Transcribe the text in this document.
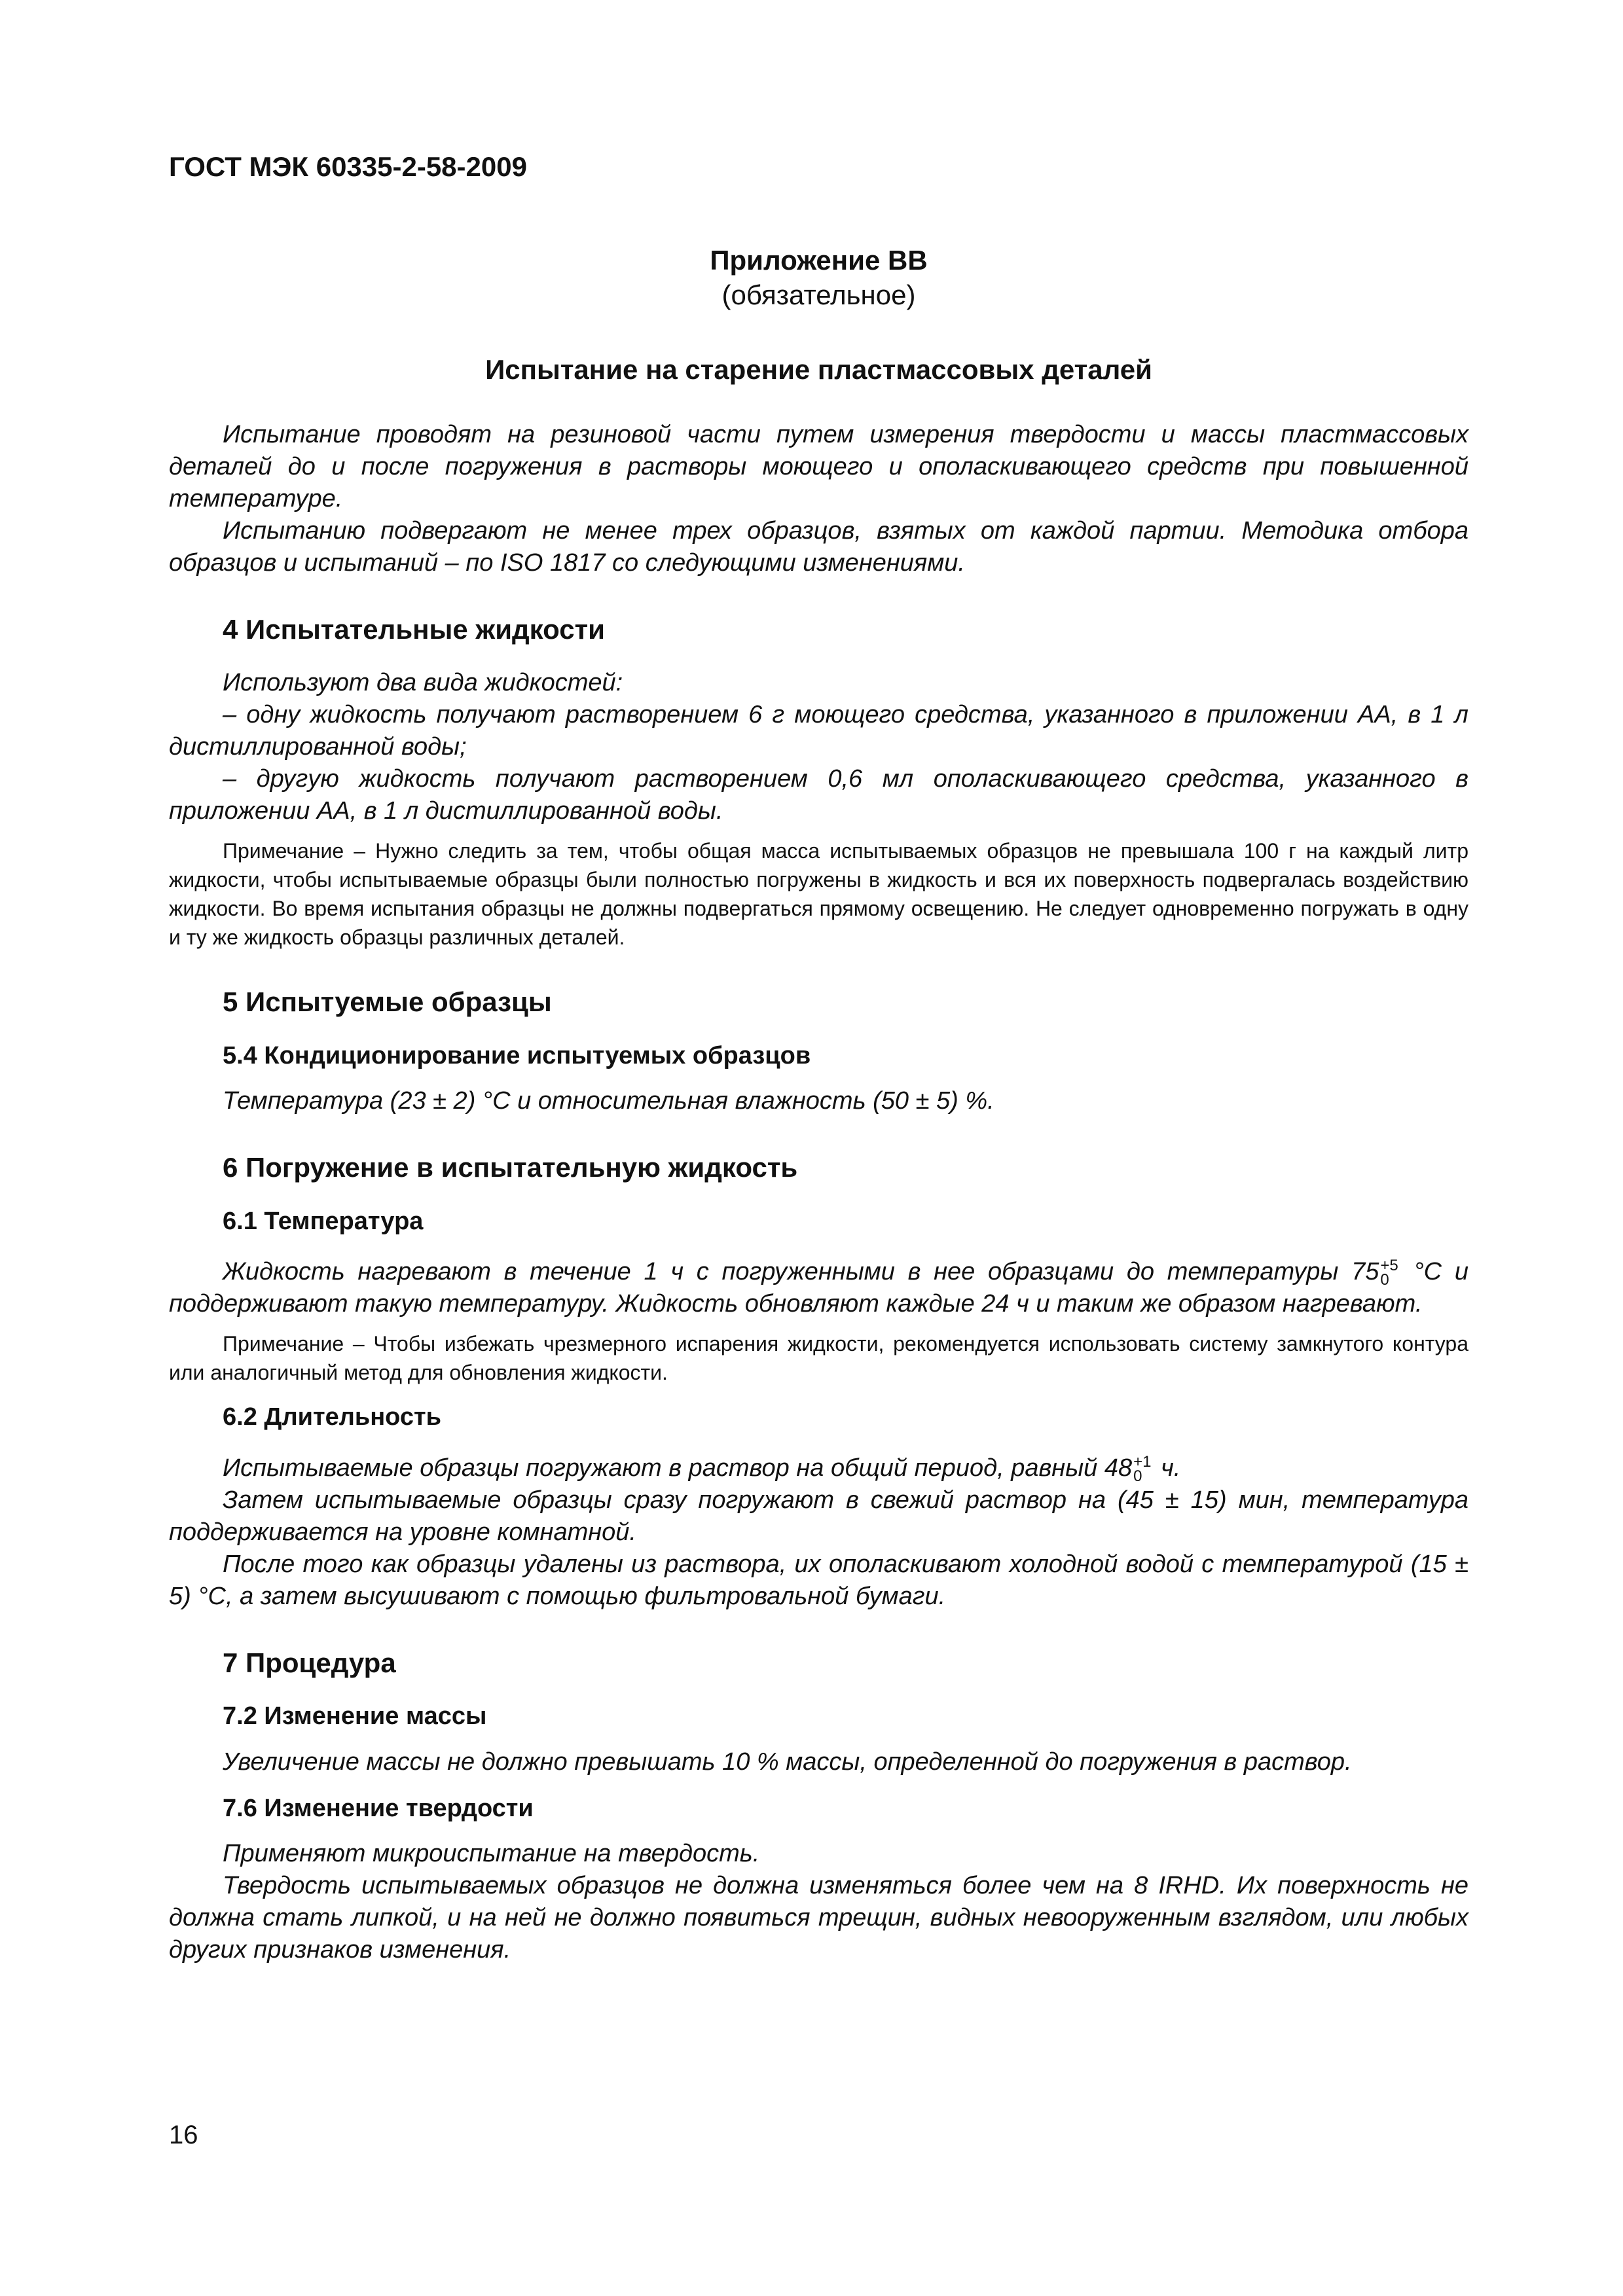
ГОСТ МЭК 60335-2-58-2009
Приложение ВВ
(обязательное)
Испытание на старение пластмассовых деталей

Испытание проводят на резиновой части путем измерения твердости и массы пластмассовых деталей до и после погружения в растворы моющего и ополаскивающего средств при повышенной температуре.

Испытанию подвергают не менее трех образцов, взятых от каждой партии. Методика отбора образцов и испытаний – по ISO 1817 со следующими изменениями.

4 Испытательные жидкости

Используют два вида жидкостей:

– одну жидкость получают растворением 6 г моющего средства, указанного в приложении АА, в 1 л дистиллированной воды;

– другую жидкость получают растворением 0,6 мл ополаскивающего средства, указанного в приложении АА, в 1 л дистиллированной воды.

Примечание – Нужно следить за тем, чтобы общая масса испытываемых образцов не превышала 100 г на каждый литр жидкости, чтобы испытываемые образцы были полностью погружены в жидкость и вся их поверхность подвергалась воздействию жидкости. Во время испытания образцы не должны подвергаться прямому освещению. Не следует одновременно погружать в одну и ту же жидкость образцы различных деталей.

5 Испытуемые образцы
5.4 Кондиционирование испытуемых образцов

Температура (23 ± 2) °С и относительная влажность (50 ± 5) %.

6 Погружение в испытательную жидкость
6.1 Температура

Жидкость нагревают в течение 1 ч с погруженными в нее образцами до температуры 75 +5
0 °С и поддерживают такую температуру. Жидкость обновляют каждые 24 ч и таким же образом нагревают.

Примечание – Чтобы избежать чрезмерного испарения жидкости, рекомендуется использовать систему замкнутого контура или аналогичный метод для обновления жидкости.

6.2 Длительность

Испытываемые образцы погружают в раствор на общий период, равный 48 +1
0 ч.

Затем испытываемые образцы сразу погружают в свежий раствор на (45 ± 15) мин, температура поддерживается на уровне комнатной.

После того как образцы удалены из раствора, их ополаскивают холодной водой с температурой (15 ± 5) °С, а затем высушивают с помощью фильтровальной бумаги.

7 Процедура
7.2 Изменение массы

Увеличение массы не должно превышать 10 % массы, определенной до погружения в раствор.

7.6 Изменение твердости

Применяют микроиспытание на твердость.

Твердость испытываемых образцов не должна изменяться более чем на 8 IRHD. Их поверхность не должна стать липкой, и на ней не должно появиться трещин, видных невооруженным взглядом, или любых других признаков изменения.

16
